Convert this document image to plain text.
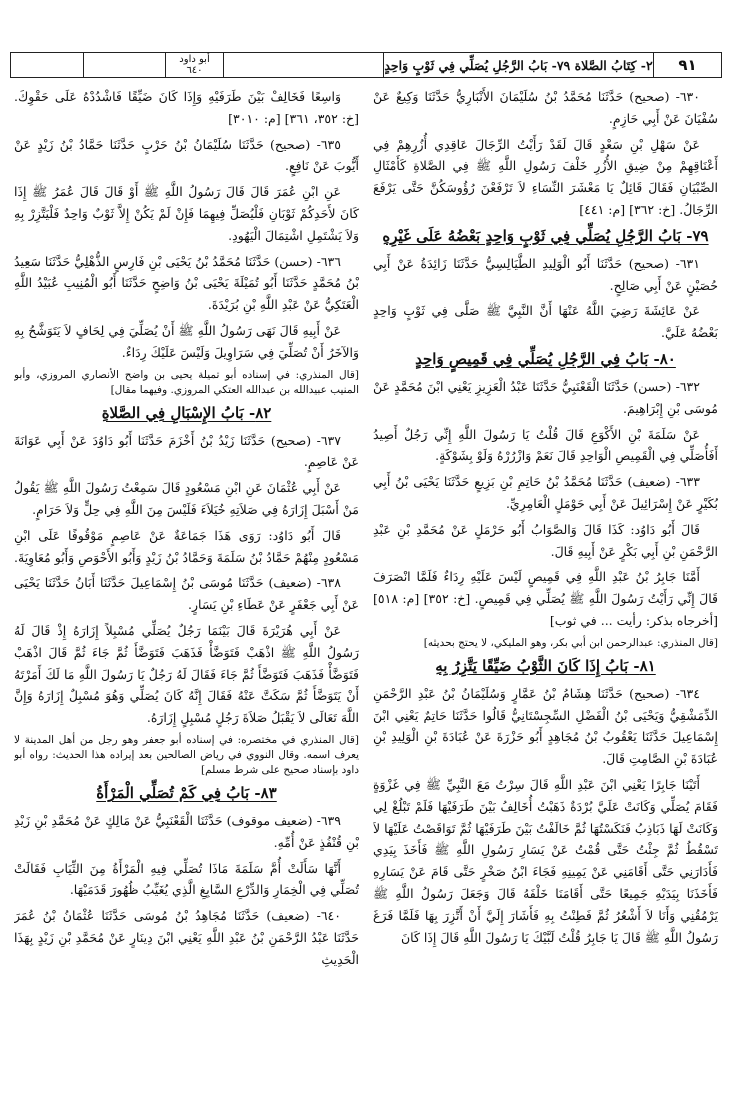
٩١
٢- كِتَابُ الصَّلاة ٧٩- بَابُ الرَّجُلِ يُصَلِّي فِي ثَوْبٍ وَاحِدٍ
أبو داود
٦٤٠

٦٣٠- (صحيح) حَدَّثَنَا مُحَمَّدُ بْنُ سُلَيْمَانَ الأَنْبَارِيُّ حَدَّثَنَا وَكِيعٌ عَنْ سُفْيَانَ عَنْ أَبِي حَازِمٍ.

عَنْ سَهْلِ بْنِ سَعْدٍ قَالَ لَقَدْ رَأَيْتُ الرِّجَالَ عَاقِدِي أُزُرِهِمْ فِي أَعْنَاقِهِمْ مِنْ ضِيقِ الأُزُرِ خَلْفَ رَسُولِ اللَّهِ ﷺ فِي الصَّلاةِ كَأَمْثَالِ الصِّبْيَانِ فَقَالَ قَائِلٌ يَا مَعْشَرَ النِّسَاءِ لاَ تَرْفَعْنَ رُؤُوسَكُنَّ حَتَّى يَرْفَعَ الرِّجَالُ. [خ: ٣٦٢] [م: ٤٤١]

٧٩- بَابُ الرَّجُلِ يُصَلِّي فِي ثَوْبٍ وَاحِدٍ بَعْضُهُ عَلَى غَيْرِهِ

٦٣١- (صحيح) حَدَّثَنَا أَبُو الْوَلِيدِ الطَّيَالِسِيُّ حَدَّثَنَا زَائِدَةُ عَنْ أَبِي حُصَيْنٍ عَنْ أَبِي صَالِحٍ.

عَنْ عَائِشَةَ رَضِيَ اللَّهُ عَنْهَا أَنَّ النَّبِيَّ ﷺ صَلَّى فِي ثَوْبٍ وَاحِدٍ بَعْضُهُ عَلَيَّ.

٨٠- بَابُ فِي الرَّجُلِ يُصَلِّي فِي قَمِيصٍ وَاحِدٍ

٦٣٢- (حسن) حَدَّثَنَا الْقَعْنَبِيُّ حَدَّثَنَا عَبْدُ الْعَزِيزِ يَعْنِي ابْنَ مُحَمَّدٍ عَنْ مُوسَى بْنِ إِبْرَاهِيمَ.

عَنْ سَلَمَةَ بْنِ الأَكْوَعِ قَالَ قُلْتُ يَا رَسُولَ اللَّهِ إِنِّي رَجُلٌ أَصِيدُ أَفَأُصَلِّي فِي الْقَمِيصِ الْوَاحِدِ قَالَ نَعَمْ وَازْرُرْهُ وَلَوْ بِشَوْكَةٍ.

٦٣٣- (ضعيف) حَدَّثَنَا مُحَمَّدُ بْنُ حَاتِمِ بْنِ بَزِيعٍ حَدَّثَنَا يَحْيَى بْنُ أَبِي بُكَيْرٍ عَنْ إِسْرَائِيلَ عَنْ أَبِي حَوْمَلٍ الْعَامِرِيِّ.

قَالَ أَبُو دَاوُد: كَذَا قَالَ وَالصَّوَابُ أَبُو حَرْمَلٍ عَنْ مُحَمَّدِ بْنِ عَبْدِ الرَّحْمَنِ بْنِ أَبِي بَكْرٍ عَنْ أَبِيهِ قَالَ.

أَمَّنَا جَابِرُ بْنُ عَبْدِ اللَّهِ فِي قَمِيصٍ لَيْسَ عَلَيْهِ رِدَاءٌ فَلَمَّا انْصَرَفَ قَالَ إِنِّي رَأَيْتُ رَسُولَ اللَّهِ ﷺ يُصَلِّي فِي قَمِيصٍ. [خ: ٣٥٢] [م: ٥١٨] [أخرجاه بذكر: رأيت ... في ثوب]

[قال المنذري: عبدالرحمن ابن أبي بكر، وهو المليكي، لا يحتج بحديثه]

٨١- بَابُ إِذَا كَانَ الثَّوْبُ ضَيِّقًا يَتَّزِرُ بِهِ

٦٣٤- (صحيح) حَدَّثَنَا هِشَامُ بْنُ عَمَّارٍ وَسُلَيْمَانُ بْنُ عَبْدِ الرَّحْمَنِ الدِّمَشْقِيُّ وَيَحْيَى بْنُ الْفَضْلِ السِّجِسْتَانِيُّ قَالُوا حَدَّثَنَا حَاتِمٌ يَعْنِي ابْنَ إِسْمَاعِيلَ حَدَّثَنَا يَعْقُوبُ بْنُ مُجَاهِدٍ أَبُو حَزْرَةَ عَنْ عُبَادَةَ بْنِ الْوَلِيدِ بْنِ عُبَادَةَ بْنِ الصَّامِتِ قَالَ.

أَتَيْنَا جَابِرًا يَعْنِي ابْنَ عَبْدِ اللَّهِ قَالَ سِرْتُ مَعَ النَّبِيِّ ﷺ فِي غَزْوَةٍ فَقَامَ يُصَلِّي وَكَانَتْ عَلَيَّ بُرْدَةٌ ذَهَبْتُ أُخَالِفُ بَيْنَ طَرَفَيْهَا فَلَمْ تَبْلُغْ لِي وَكَانَتْ لَهَا ذَبَاذِبُ فَنَكَسْتُهَا ثُمَّ خَالَفْتُ بَيْنَ طَرَفَيْهَا ثُمَّ تَوَاقَصْتُ عَلَيْهَا لاَ تَسْقُطُ ثُمَّ جِئْتُ حَتَّى قُمْتُ عَنْ يَسَارِ رَسُولِ اللَّهِ ﷺ فَأَخَذَ بِيَدِي فَأَدَارَنِي حَتَّى أَقَامَنِي عَنْ يَمِينِهِ فَجَاءَ ابْنُ صَخْرٍ حَتَّى قَامَ عَنْ يَسَارِهِ فَأَخَذَنَا بِيَدَيْهِ جَمِيعًا حَتَّى أَقَامَنَا خَلْفَهُ قَالَ وَجَعَلَ رَسُولُ اللَّهِ ﷺ يَرْمُقُنِي وَأَنَا لاَ أَشْعُرُ ثُمَّ فَطِنْتُ بِهِ فَأَشَارَ إِلَيَّ أَنْ أَتَّزِرَ بِهَا فَلَمَّا فَرَغَ رَسُولُ اللَّهِ ﷺ قَالَ يَا جَابِرُ قُلْتُ لَبَّيْكَ يَا رَسُولَ اللَّهِ قَالَ إِذَا كَانَ

وَاسِعًا فَخَالِفْ بَيْنَ طَرَفَيْهِ وَإِذَا كَانَ ضَيِّقًا فَاشْدُدْهُ عَلَى حَقْوِكَ. [خ: ٣٥٢، ٣٦١] [م: ٣٠١٠]

٦٣٥- (صحيح) حَدَّثَنَا سُلَيْمَانُ بْنُ حَرْبٍ حَدَّثَنَا حَمَّادُ بْنُ زَيْدٍ عَنْ أَيُّوبَ عَنْ نَافِعٍ.

عَنِ ابْنِ عُمَرَ قَالَ قَالَ رَسُولُ اللَّهِ ﷺ أَوْ قَالَ قَالَ عُمَرُ ﷺ إِذَا كَانَ لأَحَدِكُمْ ثَوْبَانِ فَلْيُصَلِّ فِيهِمَا فَإِنْ لَمْ يَكُنْ إِلاَّ ثَوْبٌ وَاحِدٌ فَلْيَتَّزِرْ بِهِ وَلاَ يَشْتَمِلِ اشْتِمَالَ الْيَهُودِ.

٦٣٦- (حسن) حَدَّثَنَا مُحَمَّدُ بْنُ يَحْيَى بْنِ فَارِسٍ الذُّهْلِيُّ حَدَّثَنَا سَعِيدُ بْنُ مُحَمَّدٍ حَدَّثَنَا أَبُو تُمَيْلَةَ يَحْيَى بْنُ وَاضِحٍ حَدَّثَنَا أَبُو الْمُنِيبِ عُبَيْدُ اللَّهِ الْعَتَكِيُّ عَنْ عَبْدِ اللَّهِ بْنِ بُرَيْدَةَ.

عَنْ أَبِيهِ قَالَ نَهَى رَسُولُ اللَّهِ ﷺ أَنْ يُصَلِّيَ فِي لِحَافٍ لاَ يَتَوَشَّحُ بِهِ وَالآخَرُ أَنْ تُصَلِّيَ فِي سَرَاوِيلَ وَلَيْسَ عَلَيْكَ رِدَاءٌ.

[قال المنذري: في إسناده أبو تميلة يحيى بن واضح الأنصاري المروزي، وأبو المنيب عبيدالله بن عبدالله العتكي المروزي. وفيهما مقال]

٨٢- بَابُ الإِسْبَالِ فِي الصَّلاةِ

٦٣٧- (صحيح) حَدَّثَنَا زَيْدُ بْنُ أَخْزَمَ حَدَّثَنَا أَبُو دَاوُدَ عَنْ أَبِي عَوَانَةَ عَنْ عَاصِمٍ.

عَنْ أَبِي عُثْمَانَ عَنِ ابْنِ مَسْعُودٍ قَالَ سَمِعْتُ رَسُولَ اللَّهِ ﷺ يَقُولُ مَنْ أَسْبَلَ إِزَارَهُ فِي صَلاَتِهِ خُيَلاَءَ فَلَيْسَ مِنَ اللَّهِ فِي حِلٍّ وَلاَ حَرَامٍ.

قَالَ أَبُو دَاوُد: رَوَى هَذَا جَمَاعَةٌ عَنْ عَاصِمٍ مَوْقُوفًا عَلَى ابْنِ مَسْعُودٍ مِنْهُمْ حَمَّادُ بْنُ سَلَمَةَ وَحَمَّادُ بْنُ زَيْدٍ وَأَبُو الأَحْوَصِ وَأَبُو مُعَاوِيَةَ.

٦٣٨- (ضعيف) حَدَّثَنَا مُوسَى بْنُ إِسْمَاعِيلَ حَدَّثَنَا أَبَانُ حَدَّثَنَا يَحْيَى عَنْ أَبِي جَعْفَرٍ عَنْ عَطَاءِ بْنِ يَسَارٍ.

عَنْ أَبِي هُرَيْرَةَ قَالَ بَيْنَمَا رَجُلٌ يُصَلِّي مُسْبِلاً إِزَارَهُ إِذْ قَالَ لَهُ رَسُولُ اللَّهِ ﷺ اذْهَبْ فَتَوَضَّأْ فَذَهَبَ فَتَوَضَّأَ ثُمَّ جَاءَ ثُمَّ قَالَ اذْهَبْ فَتَوَضَّأْ فَذَهَبَ فَتَوَضَّأَ ثُمَّ جَاءَ فَقَالَ لَهُ رَجُلٌ يَا رَسُولَ اللَّهِ مَا لَكَ أَمَرْتَهُ أَنْ يَتَوَضَّأَ ثُمَّ سَكَتَّ عَنْهُ فَقَالَ إِنَّهُ كَانَ يُصَلِّي وَهُوَ مُسْبِلٌ إِزَارَهُ وَإِنَّ اللَّهَ تَعَالَى لاَ يَقْبَلُ صَلاَةَ رَجُلٍ مُسْبِلٍ إِزَارَهُ.

[قال المنذري في مختصره: في إسناده أبو جعفر وهو رجل من أهل المدينة لا يعرف اسمه. وقال النووي في رياض الصالحين بعد إيراده هذا الحديث: رواه أبو داود بإسناد صحيح على شرط مسلم]

٨٣- بَابُ فِي كَمْ تُصَلِّي الْمَرْأَةُ

٦٣٩- (ضعيف موقوف) حَدَّثَنَا الْقَعْنَبِيُّ عَنْ مَالِكٍ عَنْ مُحَمَّدِ بْنِ زَيْدِ بْنِ قُنْفُذٍ عَنْ أُمِّهِ.

أَنَّهَا سَأَلَتْ أُمَّ سَلَمَةَ مَاذَا تُصَلِّي فِيهِ الْمَرْأَةُ مِنَ الثِّيَابِ فَقَالَتْ تُصَلِّي فِي الْخِمَارِ وَالدِّرْعِ السَّابِغِ الَّذِي يُغَيِّبُ ظُهُورَ قَدَمَيْهَا.

٦٤٠- (ضعيف) حَدَّثَنَا مُجَاهِدُ بْنُ مُوسَى حَدَّثَنَا عُثْمَانُ بْنُ عُمَرَ حَدَّثَنَا عَبْدُ الرَّحْمَنِ بْنُ عَبْدِ اللَّهِ يَعْنِي ابْنَ دِينَارٍ عَنْ مُحَمَّدِ بْنِ زَيْدٍ بِهَذَا الْحَدِيثِ
